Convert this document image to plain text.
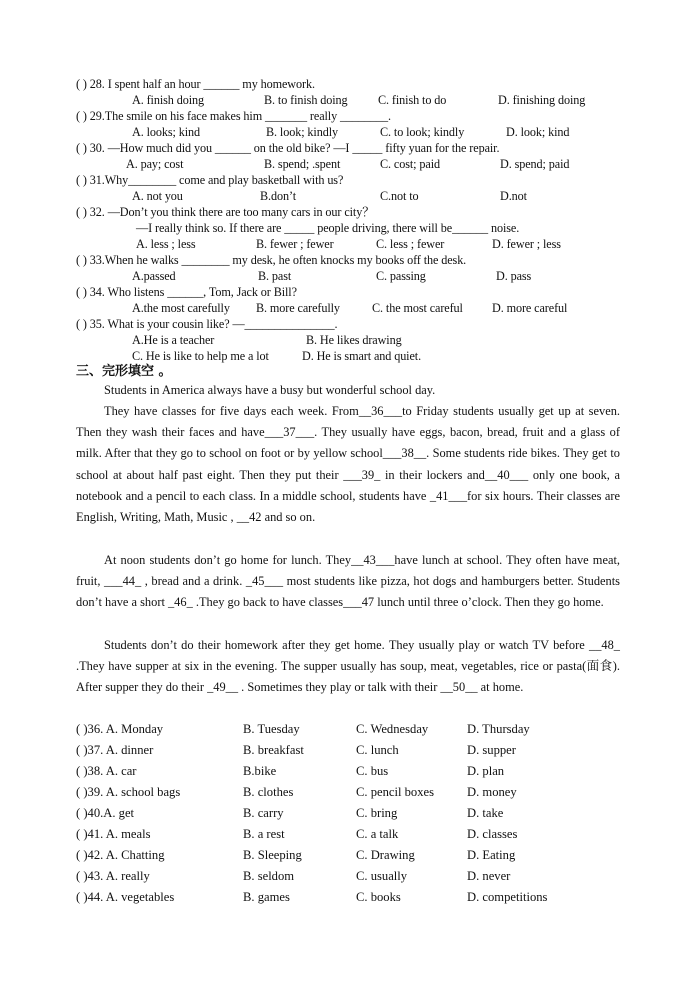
( ) 28. I spent half an hour ______ my homework.
A. finish doing	B. to finish doing C. finish to do	D. finishing doing
( ) 29.The smile on his face makes him _______ really ________.
A. looks; kind	B. look; kindly	C. to look; kindly	D. look; kind
( ) 30. —How much did you ______ on the old bike? —I _____ fifty yuan for the repair.
A. pay; cost	B. spend; .spent	C. cost; paid	D. spend; paid
( ) 31.Why________ come and play basketball with us?
A. not you	B.don’t	C.not to	D.not
( ) 32. —Don’t you think there are too many cars in our city？
—I really think so. If there are _____ people driving, there will be______ noise.
A. less ; less	B. fewer ; fewer	C. less ; fewer	D. fewer ; less
( ) 33.When he walks ________ my desk, he often knocks my books off the desk.
A.passed	B. past	C. passing	D. pass
( ) 34. Who listens ______, Tom, Jack or Bill?
A.the most carefully B. more carefully	C. the most careful D. more careful
( ) 35. What is your cousin like? —_______________.
A.He is a teacher	B. He likes drawing
C. He is like to help me a lot	D. He is smart and quiet.
三、完形填空 。
Students in America always have a busy but wonderful school day.
They have classes for five days each week. From__36___to Friday students usually get up at seven. Then they wash their faces and have___37___. They usually have eggs, bacon, bread, fruit and a glass of milk. After that they go to school on foot or by yellow school___38__. Some students ride bikes. They get to school at about half past eight. Then they put their ___39_ in their lockers and__40___ only one book, a notebook and a pencil to each class. In a middle school, students have _41___for six hours. Their classes are English, Writing, Math, Music , __42 and so on.
At noon students don’t go home for lunch. They__43___have lunch at school. They often have meat, fruit, ___44_ , bread and a drink. _45___ most students like pizza, hot dogs and hamburgers better. Students don’t have a short _46_ .They go back to have classes___47 lunch until three o’clock. Then they go home.
Students don’t do their homework after they get home. They usually play or watch TV before __48_ .They have supper at six in the evening. The supper usually has soup, meat, vegetables, rice or pasta(面食). After supper they do their _49__ . Sometimes they play or talk with their __50__ at home.
( )36. A. Monday	B. Tuesday	C. Wednesday	D. Thursday
( )37. A. dinner	B. breakfast	C. lunch	D. supper
( )38. A. car	B.bike	C. bus	D. plan
( )39. A. school bags	B. clothes	C. pencil boxes	D. money
( )40.A. get	B. carry	C. bring	D. take
( )41. A. meals	B. a rest	C. a talk	D. classes
( )42. A. Chatting	B. Sleeping	C. Drawing	D. Eating
( )43. A. really	B. seldom	C. usually	D. never
( )44. A. vegetables	B. games	C. books	D. competitions
